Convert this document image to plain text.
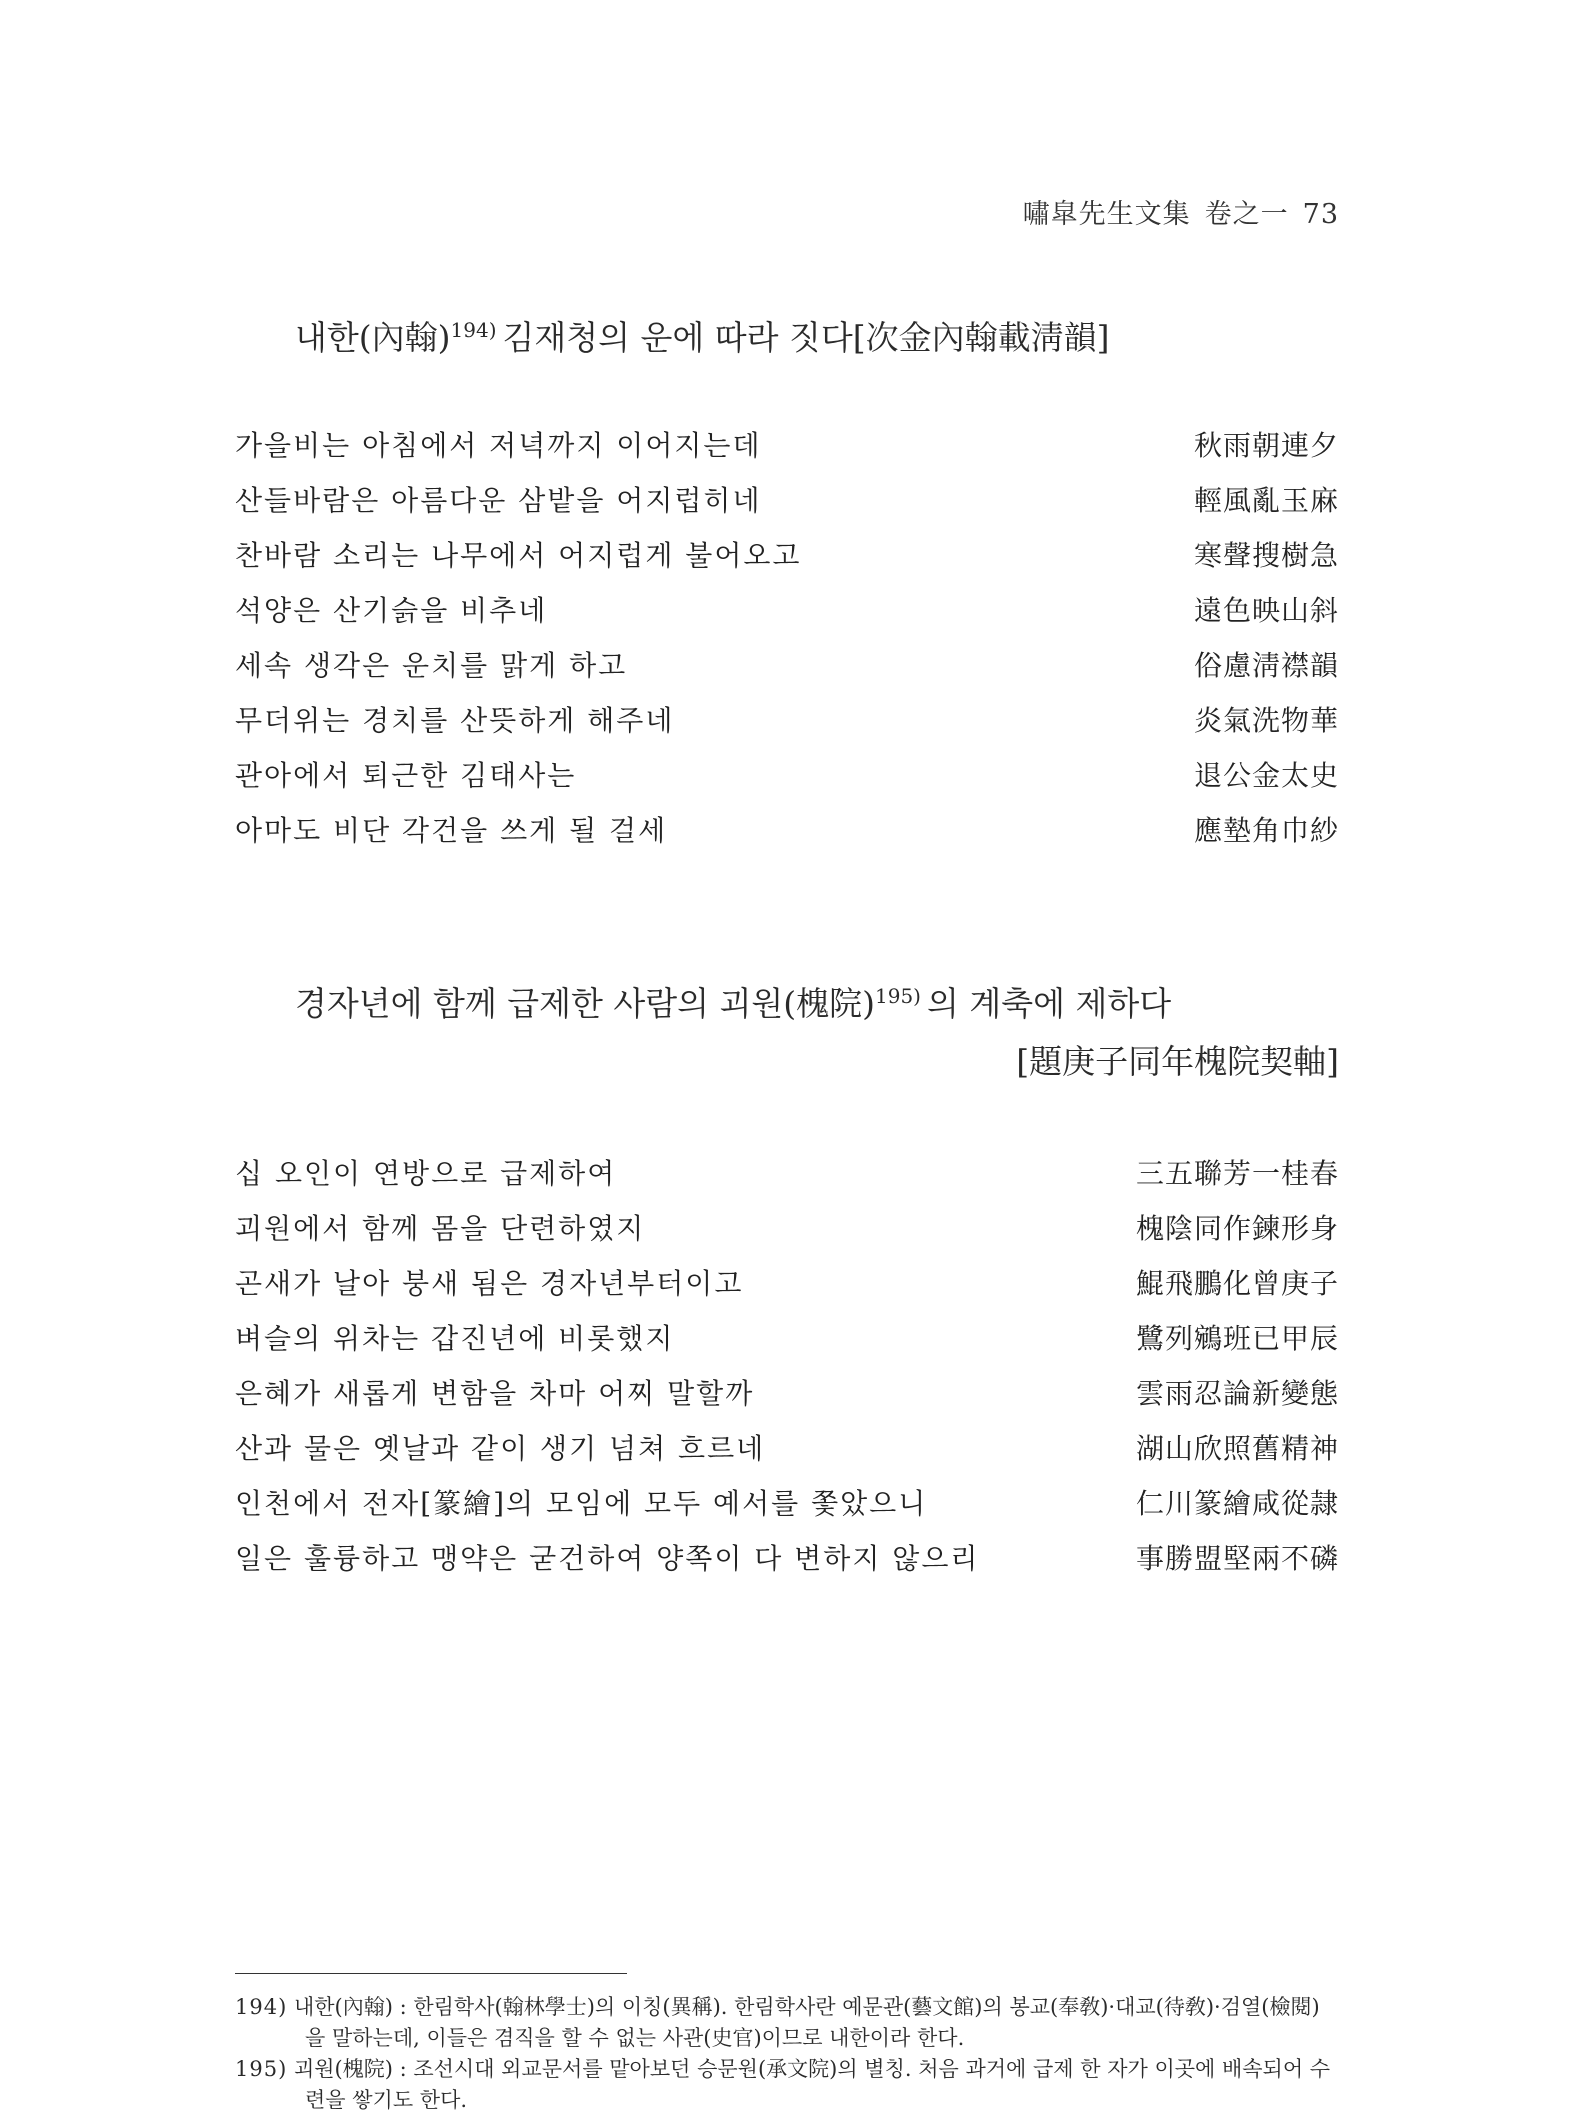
嘯皐先生文集 卷之一 73
내한(內翰)$^{194)}$ 김재청의 운에 따라 짓다[次金內翰載淸韻]
가을비는 아침에서 저녁까지 이어지는데	秋雨朝連夕
산들바람은 아름다운 삼밭을 어지럽히네	輕風亂玉麻
찬바람 소리는 나무에서 어지럽게 불어오고	寒聲搜樹急
석양은 산기슭을 비추네	遠色映山斜
세속 생각은 운치를 맑게 하고	俗慮淸襟韻
무더위는 경치를 산뜻하게 해주네	炎氣洗物華
관아에서 퇴근한 김태사는	退公金太史
아마도 비단 각건을 쓰게 될 걸세	應墊角巾紗
경자년에 함께 급제한 사람의 괴원(槐院)$^{195)}$ 의 계축에 제하다
[題庚子同年槐院契軸]
십 오인이 연방으로 급제하여	三五聯芳一桂春
괴원에서 함께 몸을 단련하였지	槐陰同作鍊形身
곤새가 날아 붕새 됨은 경자년부터이고	鯤飛鵬化曾庚子
벼슬의 위차는 갑진년에 비롯했지	鷺列鵷班已甲辰
은혜가 새롭게 변함을 차마 어찌 말할까	雲雨忍論新變態
산과 물은 옛날과 같이 생기 넘쳐 흐르네	湖山欣照舊精神
인천에서 전자[篆繪]의 모임에 모두 예서를 쫓았으니	仁川篆繪咸從隷
일은 훌륭하고 맹약은 굳건하여 양쪽이 다 변하지 않으리	事勝盟堅兩不磷

194) 내한(內翰) : 한림학사(翰林學士)의 이칭(異稱). 한림학사란 예문관(藝文館)의 봉교(奉敎)·대교(待敎)·검열(檢閱)을 말하는데, 이들은 겸직을 할 수 없는 사관(史官)이므로 내한이라 한다.

195) 괴원(槐院) : 조선시대 외교문서를 맡아보던 승문원(承文院)의 별칭. 처음 과거에 급제 한 자가 이곳에 배속되어 수련을 쌓기도 한다.
